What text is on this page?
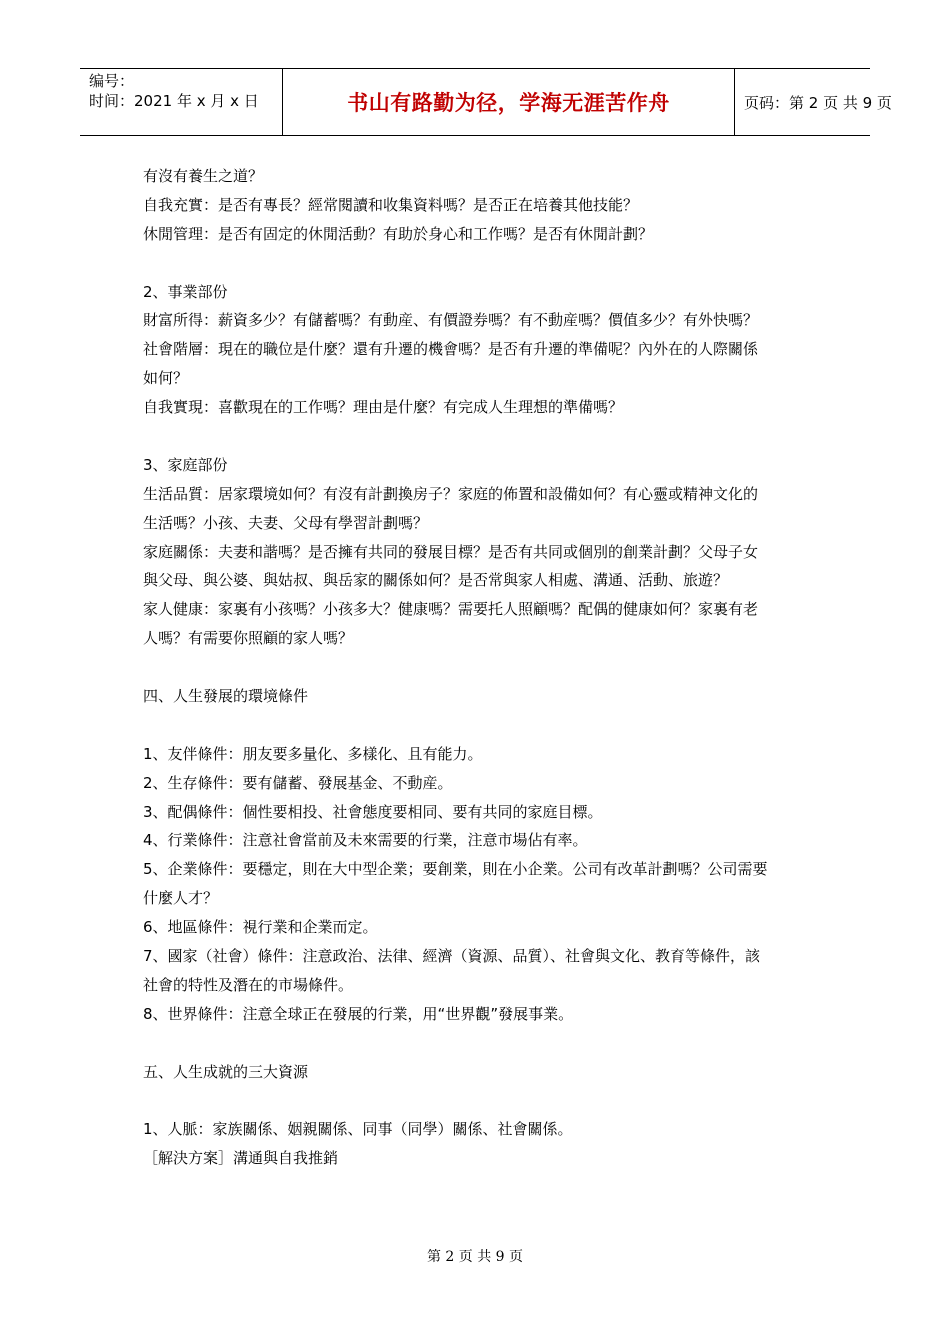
编号：
时间：2021 年 x 月 x 日	书山有路勤为径，学海无涯苦作舟	页码：第 2 页 共 9 页
有沒有養生之道？
自我充實：是否有專長？經常閱讀和收集資料嗎？是否正在培養其他技能？
休閒管理：是否有固定的休閒活動？有助於身心和工作嗎？是否有休閒計劃？
2、事業部份
財富所得：薪資多少？有儲蓄嗎？有動産、有價證券嗎？有不動産嗎？價值多少？有外快嗎？
社會階層：現在的職位是什麼？還有升遷的機會嗎？是否有升遷的準備呢？內外在的人際關係
如何？
自我實現：喜歡現在的工作嗎？理由是什麼？有完成人生理想的準備嗎？
3、家庭部份
生活品質：居家環境如何？有沒有計劃換房子？家庭的佈置和設備如何？有心靈或精神文化的
生活嗎？小孩、夫妻、父母有學習計劃嗎？
家庭關係：夫妻和諧嗎？是否擁有共同的發展目標？是否有共同或個別的創業計劃？父母子女
與父母、與公婆、與姑叔、與岳家的關係如何？是否常與家人相處、溝通、活動、旅遊？
家人健康：家裏有小孩嗎？小孩多大？健康嗎？需要托人照顧嗎？配偶的健康如何？家裏有老
人嗎？有需要你照顧的家人嗎？
四、人生發展的環境條件
1、友伴條件：朋友要多量化、多樣化、且有能力。
2、生存條件：要有儲蓄、發展基金、不動産。
3、配偶條件：個性要相投、社會態度要相同、要有共同的家庭目標。
4、行業條件：注意社會當前及未來需要的行業，注意市場佔有率。
5、企業條件：要穩定，則在大中型企業；要創業，則在小企業。公司有改革計劃嗎？公司需要
什麼人才？
6、地區條件：視行業和企業而定。
7、國家（社會）條件：注意政治、法律、經濟（資源、品質）、社會與文化、教育等條件，該
社會的特性及潛在的市場條件。
8、世界條件：注意全球正在發展的行業，用“世界觀”發展事業。
五、人生成就的三大資源
1、人脈：家族關係、姻親關係、同事（同學）關係、社會關係。
［解決方案］溝通與自我推銷
第 2 页 共 9 页
